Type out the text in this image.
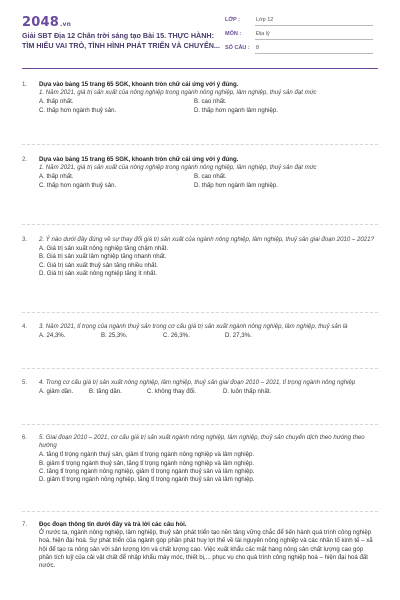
2048.vn
Giải SBT Địa 12 Chân trời sáng tạo Bài 15. THỰC HÀNH:
TÌM HIỂU VAI TRÒ, TÌNH HÌNH PHÁT TRIỂN VÀ CHUYỂN...
LỚP :	Lớp 12
MÔN :	Địa lý
SỐ CÂU : 8
1.	Dựa vào bảng 15 trang 65 SGK, khoanh tròn chữ cái ứng với ý đúng.
1. Năm 2021, giá trị sản xuất của nông nghiệp trong ngành nông nghiệp, lâm nghiệp, thuỷ sản đạt mức
A. thấp nhất.	B. cao nhất.
C. thấp hơn ngành thuỷ sản.	D. thấp hơn ngành lâm nghiệp.
2.	Dựa vào bảng 15 trang 65 SGK, khoanh tròn chữ cái ứng với ý đúng.
1. Năm 2021, giá trị sản xuất của nông nghiệp trong ngành nông nghiệp, lâm nghiệp, thuỷ sản đạt mức
A. thấp nhất.	B. cao nhất.
C. thấp hơn ngành thuỷ sản.	D. thấp hơn ngành lâm nghiệp.
3.	2. Ý nào dưới đây đúng về sự thay đổi giá trị sản xuất của ngành nông nghiệp, lâm nghiệp, thuỷ sản giai đoạn 2010 – 2021?
A. Giá trị sản xuất nông nghiệp tăng chậm nhất.
B. Giá trị sản xuất lâm nghiệp tăng nhanh nhất.
C. Giá trị sản xuất thuỷ sản tăng nhiều nhất.
D. Giá trị sản xuất nông nghiệp tăng ít nhất.
4.	3. Năm 2021, tỉ trọng của ngành thuỷ sản trong cơ cấu giá trị sản xuất ngành nông nghiệp, lâm nghiệp, thuỷ sản là
A. 24,3%.	B. 25,3%.	C. 26,3%.	D. 27,3%.
5.	4. Trong cơ cấu giá trị sản xuất nông nghiệp, lâm nghiệp, thuỷ sản giai đoạn 2010 – 2021, tỉ trọng ngành nông nghiệp
A. giảm dần.	B. tăng dần.	C. không thay đổi.	D. luôn thấp nhất.
6.	5. Giai đoạn 2010 – 2021, cơ cấu giá trị sản xuất ngành nông nghiệp, lâm nghiệp, thuỷ sản chuyển dịch theo hướng theo hướng
A. tăng tỉ trọng ngành thuỷ sản, giảm tỉ trọng ngành nông nghiệp và lâm nghiệp.
B. giảm tỉ trọng ngành thuỷ sản, tăng tỉ trọng ngành nông nghiệp và lâm nghiệp.
C. tăng tỉ trọng ngành nông nghiệp, giảm tỉ trọng ngành thuỷ sản và lâm nghiệp.
D. giảm tỉ trọng ngành nông nghiệp, tăng tỉ trọng ngành thuỷ sản và lâm nghiệp.
7.	Đọc đoạn thông tin dưới đây và trả lời các câu hỏi.
Ở nước ta, ngành nông nghiệp, lâm nghiệp, thuỷ sản phát triển tạo nền tảng vững chắc để tiến hành quá trình công nghiệp hoá, hiện đại hoá. Sự phát triển của ngành góp phần phát huy lợi thế về tài nguyên nông nghiệp và các nhân tố kinh tế – xã hội để tạo ra nông sản với sản lượng lớn và chất lượng cao. Việc xuất khẩu các mặt hàng nông sản chất lượng cao góp phần tích luỹ của cải vật chất để nhập khẩu máy móc, thiết bị,... phục vụ cho quá trình công nghiệp hoá – hiện đại hoá đất nước.
